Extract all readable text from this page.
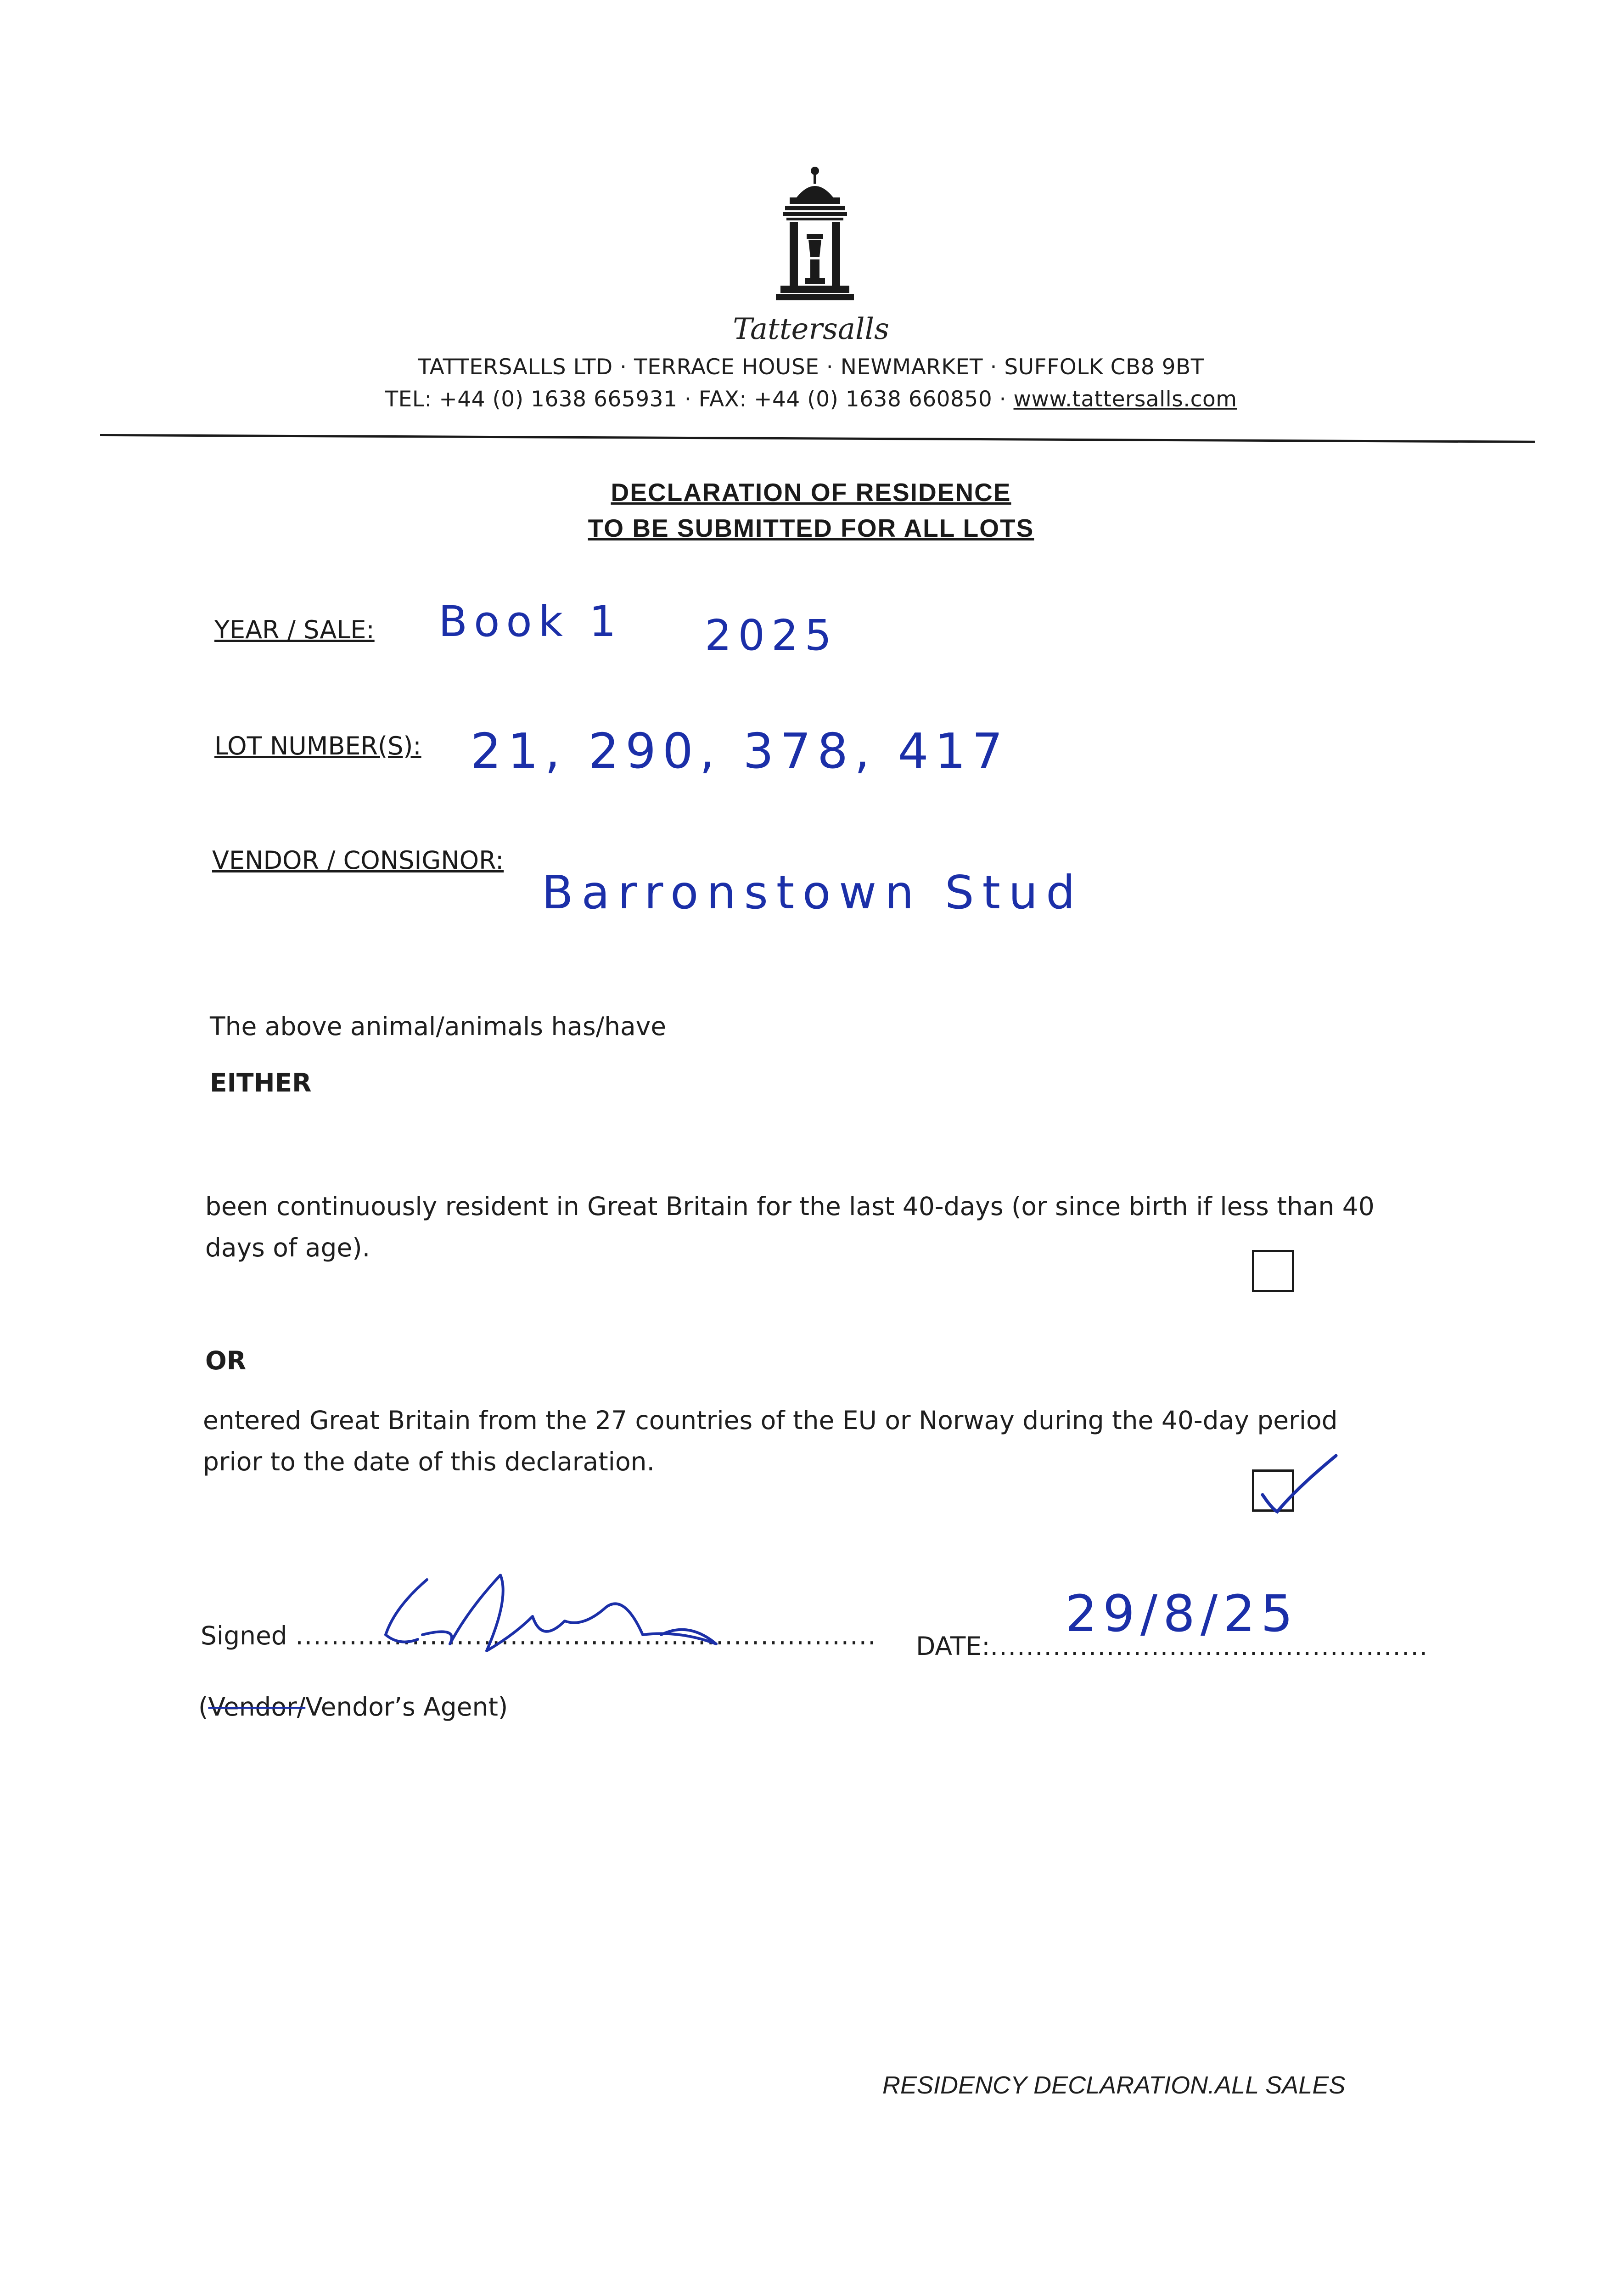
Tattersalls
TATTERSALLS LTD · TERRACE HOUSE · NEWMARKET · SUFFOLK CB8 9BT
TEL: +44 (0) 1638 665931 · FAX: +44 (0) 1638 660850 · www.tattersalls.com
DECLARATION OF RESIDENCE
TO BE SUBMITTED FOR ALL LOTS
YEAR / SALE: Book 1 2025
LOT NUMBER(S): 21, 290, 378, 417
VENDOR / CONSIGNOR:
Barronstown Stud
The above animal/animals has/have
EITHER
been continuously resident in Great Britain for the last 40-days (or since birth if less than 40
days of age).
OR
entered Great Britain from the 27 countries of the EU or Norway during the 40-day period
prior to the date of this declaration.
Signed ................................................................. DATE:.................................................
29/8/25
(Vendor/Vendor’s Agent)
RESIDENCY DECLARATION.ALL SALES
